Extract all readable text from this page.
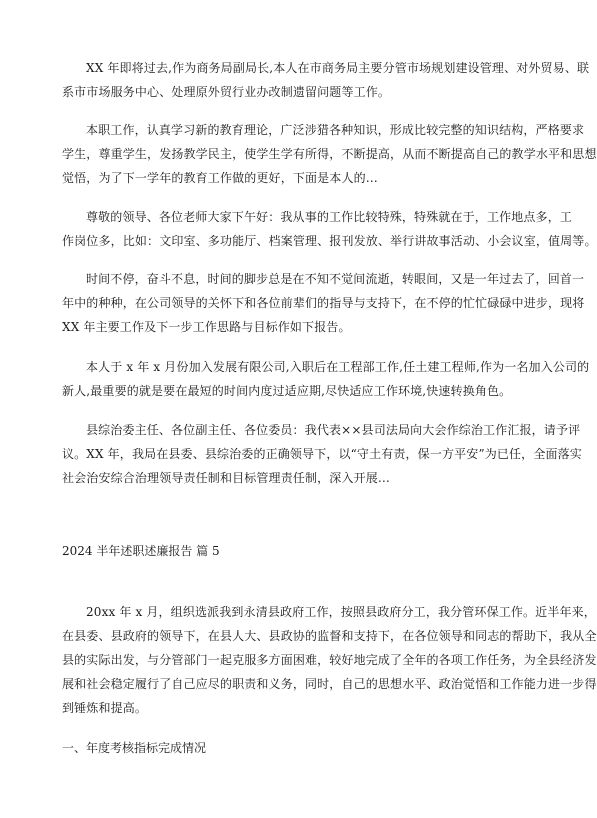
XX 年即将过去,作为商务局副局长,本人在市商务局主要分管市场规划建设管理、对外贸易、联
系市市场服务中心、处理原外贸行业办改制遗留问题等工作。

本职工作，认真学习新的教育理论，广泛涉猎各种知识，形成比较完整的知识结构，严格要求
学生，尊重学生，发扬教学民主，使学生学有所得，不断提高，从而不断提高自己的教学水平和思想
觉悟，为了下一学年的教育工作做的更好，下面是本人的…

尊敬的领导、各位老师大家下午好：我从事的工作比较特殊，特殊就在于，工作地点多，工
作岗位多，比如：文印室、多功能厅、档案管理、报刊发放、举行讲故事活动、小会议室，值周等。

时间不停，奋斗不息，时间的脚步总是在不知不觉间流逝，转眼间，又是一年过去了，回首一
年中的种种，在公司领导的关怀下和各位前辈们的指导与支持下，在不停的忙忙碌碌中进步，现将
XX 年主要工作及下一步工作思路与目标作如下报告。

本人于 x 年 x 月份加入发展有限公司,入职后在工程部工作,任土建工程师,作为一名加入公司的
新人,最重要的就是要在最短的时间内度过适应期,尽快适应工作环境,快速转换角色。

县综治委主任、各位副主任、各位委员：我代表××县司法局向大会作综治工作汇报，请予评
议。XX 年，我局在县委、县综治委的正确领导下，以“守土有责，保一方平安”为已任，全面落实
社会治安综合治理领导责任制和目标管理责任制，深入开展…

2024 半年述职述廉报告 篇 5

20xx 年 x 月，组织选派我到永清县政府工作，按照县政府分工，我分管环保工作。近半年来，
在县委、县政府的领导下，在县人大、县政协的监督和支持下，在各位领导和同志的帮助下，我从全
县的实际出发，与分管部门一起克服多方面困难，较好地完成了全年的各项工作任务，为全县经济发
展和社会稳定履行了自己应尽的职责和义务，同时，自己的思想水平、政治觉悟和工作能力进一步得
到锤炼和提高。

一、年度考核指标完成情况
